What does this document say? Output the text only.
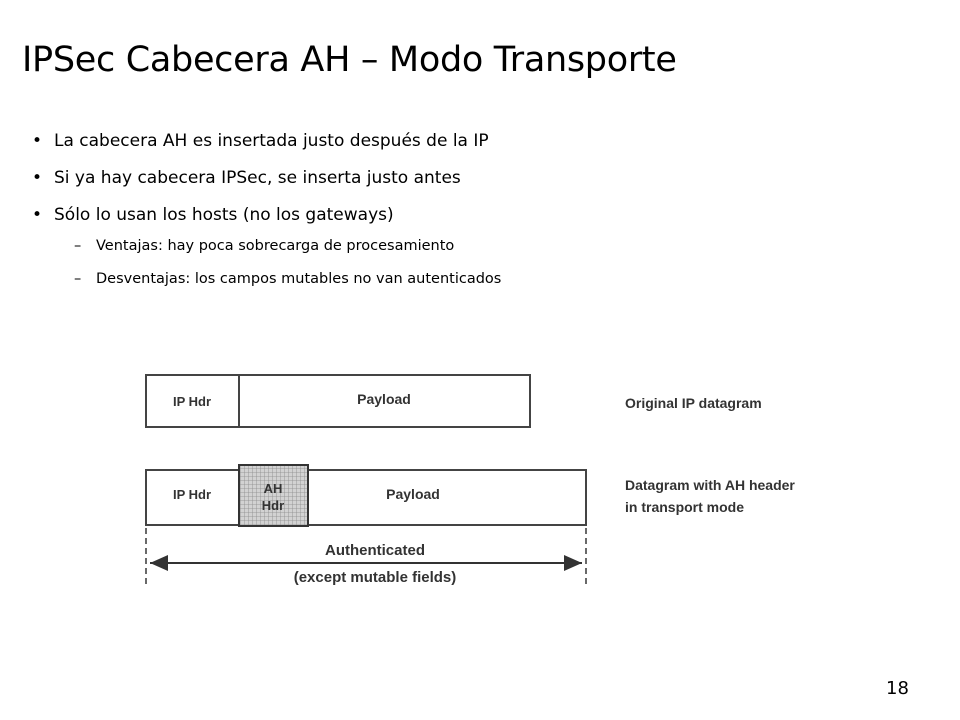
IPSec Cabecera AH – Modo Transporte
• La cabecera AH es insertada justo después de la IP
• Si ya hay cabecera IPSec, se inserta justo antes
• Sólo lo usan los hosts (no los gateways)
– Ventajas: hay poca sobrecarga de procesamiento
– Desventajas: los campos mutables no van autenticados
IP Hdr	Payload	Original IP datagram
IP Hdr	AH
Hdr
Payload
Datagram with AH header
in transport mode
Authenticated
(except mutable fields)
18
